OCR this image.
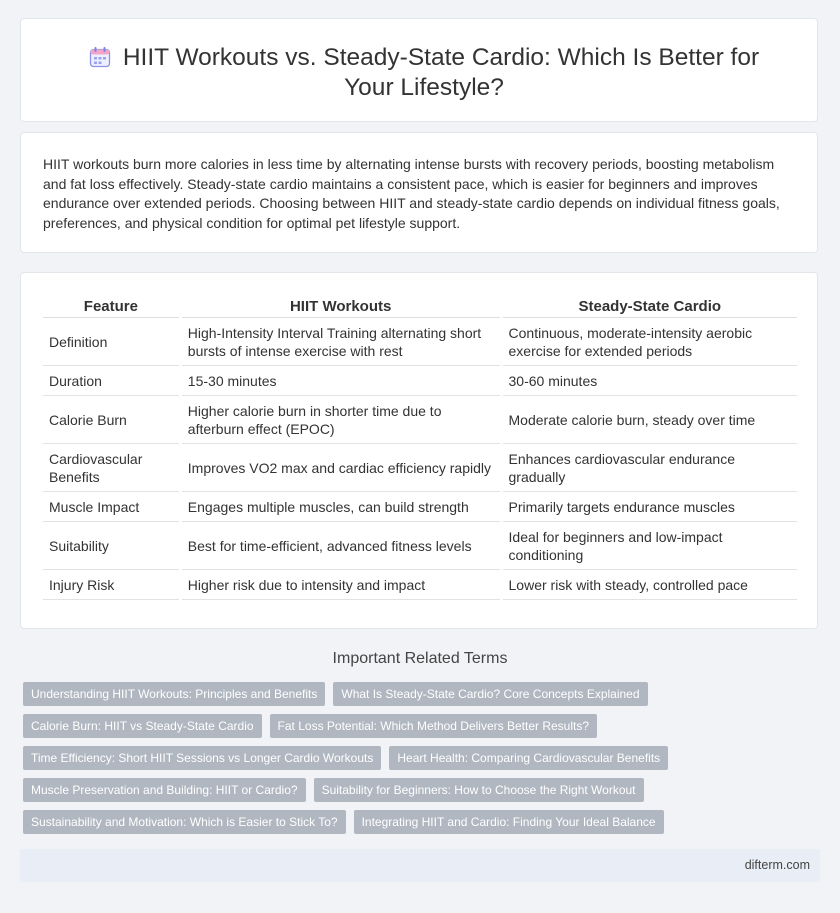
HIIT Workouts vs. Steady-State Cardio: Which Is Better for Your Lifestyle?

HIIT workouts burn more calories in less time by alternating intense bursts with recovery periods, boosting metabolism and fat loss effectively. Steady-state cardio maintains a consistent pace, which is easier for beginners and improves endurance over extended periods. Choosing between HIIT and steady-state cardio depends on individual fitness goals, preferences, and physical condition for optimal pet lifestyle support.

Feature	HIIT Workouts	Steady-State Cardio
Definition	High-Intensity Interval Training alternating short bursts of intense exercise with rest	Continuous, moderate-intensity aerobic exercise for extended periods
Duration	15-30 minutes	30-60 minutes
Calorie Burn	Higher calorie burn in shorter time due to afterburn effect (EPOC)	Moderate calorie burn, steady over time
Cardiovascular Benefits	Improves VO2 max and cardiac efficiency rapidly	Enhances cardiovascular endurance gradually
Muscle Impact	Engages multiple muscles, can build strength	Primarily targets endurance muscles
Suitability	Best for time-efficient, advanced fitness levels	Ideal for beginners and low-impact conditioning
Injury Risk	Higher risk due to intensity and impact	Lower risk with steady, controlled pace
Important Related Terms
Understanding HIIT Workouts: Principles and Benefits What Is Steady-State Cardio? Core Concepts Explained
Calorie Burn: HIIT vs Steady-State Cardio Fat Loss Potential: Which Method Delivers Better Results?
Time Efficiency: Short HIIT Sessions vs Longer Cardio Workouts Heart Health: Comparing Cardiovascular Benefits
Muscle Preservation and Building: HIIT or Cardio? Suitability for Beginners: How to Choose the Right Workout
Sustainability and Motivation: Which is Easier to Stick To? Integrating HIIT and Cardio: Finding Your Ideal Balance
difterm.com
